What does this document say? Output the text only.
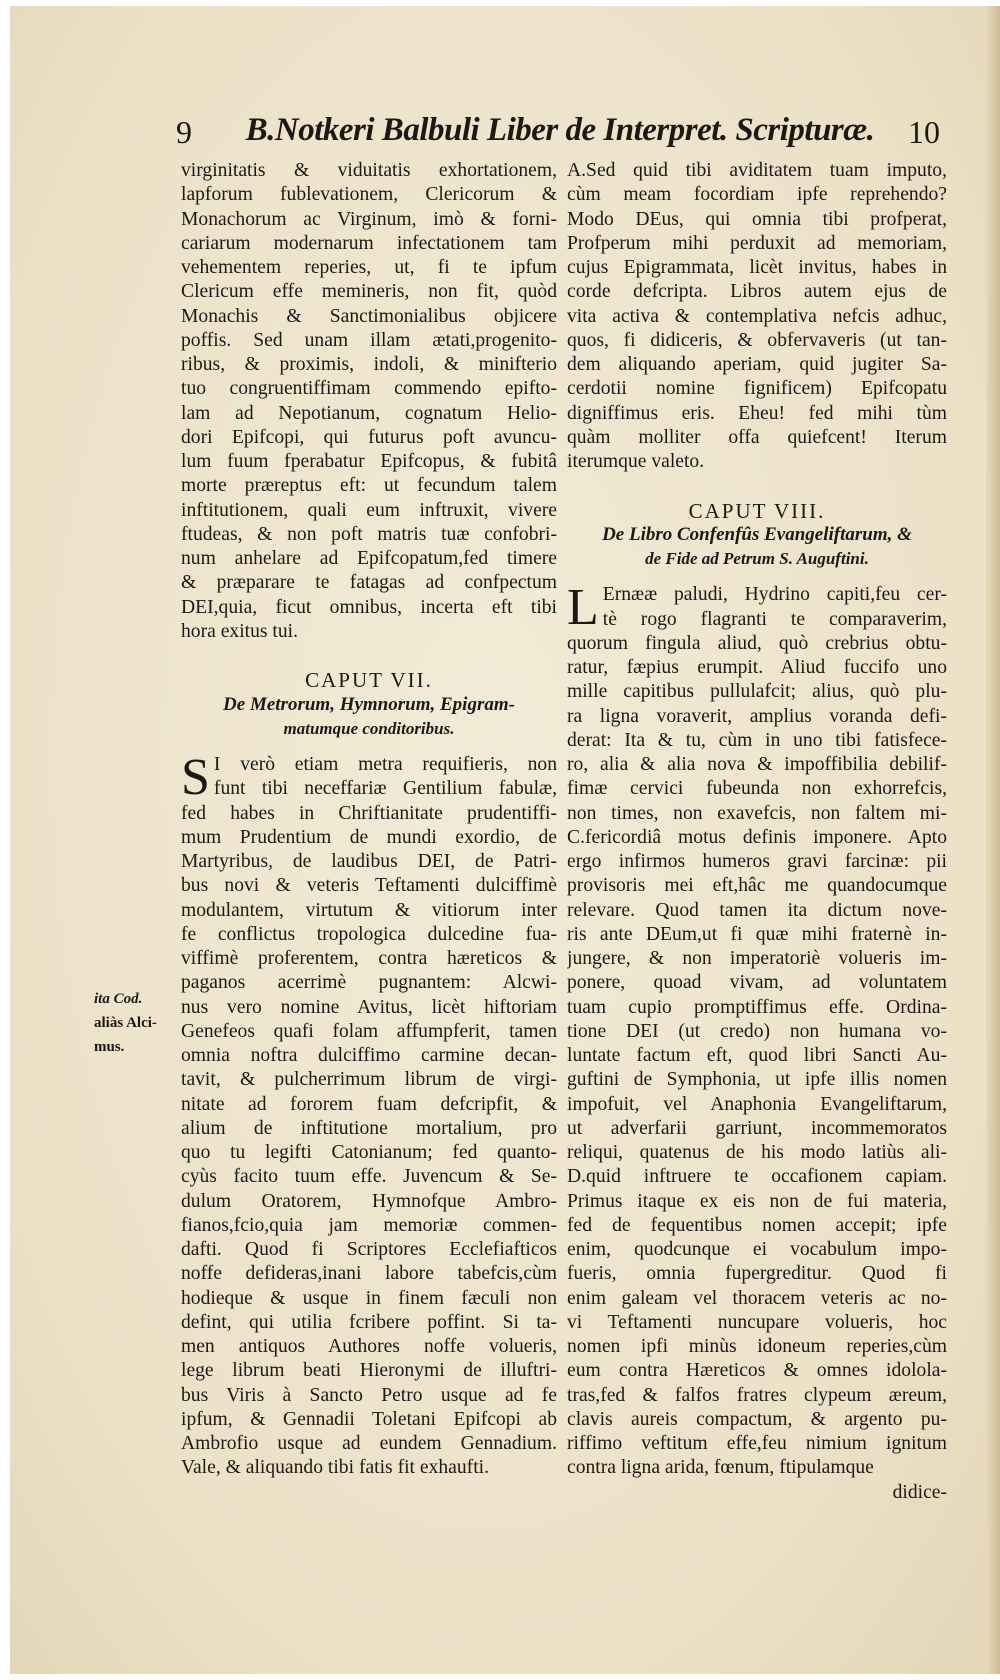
9 B.Notkeri Balbuli Liber de Interpret. Scripturæ.	10
virginitatis & viduitatis exhortationem,
lapforum fublevationem, Clericorum &
Monachorum ac Virginum, imò & forni-
cariarum modernarum infectationem tam
vehementem reperies, ut, fi te ipfum
Clericum effe memineris, non fit, quòd
Monachis & Sanctimonialibus objicere
poffis. Sed unam illam ætati,progenito-
ribus, & proximis, indoli, & minifterio
tuo congruentiffimam commendo epifto-
lam ad Nepotianum, cognatum Helio-
dori Epifcopi, qui futurus poft avuncu-
lum fuum fperabatur Epifcopus, & fubitâ
morte præreptus eft: ut fecundum talem
inftitutionem, quali eum inftruxit, vivere
ftudeas, & non poft matris tuæ confobri-
num anhelare ad Epifcopatum,fed timere
& præparare te fatagas ad confpectum
DEI,quia, ficut omnibus, incerta eft tibi
hora exitus tui.
CAPUT VII.
De Metrorum, Hymnorum, Epigram-
matumque conditoribus.
S I verò etiam metra requifieris, non
funt tibi neceffariæ Gentilium fabulæ,
fed habes in Chriftianitate prudentiffi-
mum Prudentium de mundi exordio, de
Martyribus, de laudibus DEI, de Patri-
bus novi & veteris Teftamenti dulciffimè
modulantem, virtutum & vitiorum inter
fe conflictus tropologica dulcedine fua-
viffimè proferentem, contra hæreticos &
paganos acerrimè pugnantem: Alcwi-
nus vero nomine Avitus, licèt hiftoriam
Genefeos quafi folam affumpferit, tamen
omnia noftra dulciffimo carmine decan-
tavit, & pulcherrimum librum de virgi-
nitate ad fororem fuam defcripfit, &
alium de inftitutione mortalium, pro
quo tu legifti Catonianum; fed quanto-
cyùs facito tuum effe. Juvencum & Se-
dulum Oratorem, Hymnofque Ambro-
fianos,fcio,quia jam memoriæ commen-
dafti. Quod fi Scriptores Ecclefiafticos
noffe defideras,inani labore tabefcis,cùm
hodieque & usque in finem fæculi non
defint, qui utilia fcribere poffint. Si ta-
men antiquos Authores noffe volueris,
lege librum beati Hieronymi de illuftri-
bus Viris à Sancto Petro usque ad fe
ipfum, & Gennadii Toletani Epifcopi ab
Ambrofio usque ad eundem Gennadium.
Vale, & aliquando tibi fatis fit exhaufti.
ita Cod.
aliàs Alci-
mus.
A.Sed quid tibi aviditatem tuam imputo,
cùm meam focordiam ipfe reprehendo?
Modo DEus, qui omnia tibi profperat,
Profperum mihi perduxit ad memoriam,
cujus Epigrammata, licèt invitus, habes in
corde defcripta. Libros autem ejus de
vita activa & contemplativa nefcis adhuc,
quos, fi didiceris, & obfervaveris (ut tan-
dem aliquando aperiam, quid jugiter Sa-
cerdotii nomine fignificem) Epifcopatu
digniffimus eris. Eheu! fed mihi tùm
quàm molliter offa quiefcent! Iterum
iterumque valeto.
CAPUT VIII.
De Libro Confenfûs Evangeliftarum, &
de Fide ad Petrum S. Auguftini.
L Ernææ paludi, Hydrino capiti,feu cer-
tè rogo flagranti te comparaverim,
quorum fingula aliud, quò crebrius obtu-
ratur, fæpius erumpit. Aliud fuccifo uno
mille capitibus pullulafcit; alius, quò plu-
ra ligna voraverit, amplius voranda defi-
derat: Ita & tu, cùm in uno tibi fatisfece-
ro, alia & alia nova & impoffibilia debilif-
fimæ cervici fubeunda non exhorrefcis,
non times, non exavefcis, non faltem mi-
C.fericordiâ motus definis imponere. Apto
ergo infirmos humeros gravi farcinæ: pii
provisoris mei eft,hâc me quandocumque
relevare. Quod tamen ita dictum nove-
ris ante DEum,ut fi quæ mihi fraternè in-
jungere, & non imperatoriè volueris im-
ponere, quoad vivam, ad voluntatem
tuam cupio promptiffimus effe. Ordina-
tione DEI (ut credo) non humana vo-
luntate factum eft, quod libri Sancti Au-
guftini de Symphonia, ut ipfe illis nomen
impofuit, vel Anaphonia Evangeliftarum,
ut adverfarii garriunt, incommemoratos
reliqui, quatenus de his modo latiùs ali-
D.quid inftruere te occafionem capiam.
Primus itaque ex eis non de fui materia,
fed de fequentibus nomen accepit; ipfe
enim, quodcunque ei vocabulum impo-
fueris, omnia fupergreditur. Quod fi
enim galeam vel thoracem veteris ac no-
vi Teftamenti nuncupare volueris, hoc
nomen ipfi minùs idoneum reperies,cùm
eum contra Hæreticos & omnes idolola-
tras,fed & falfos fratres clypeum æreum,
clavis aureis compactum, & argento pu-
riffimo veftitum effe,feu nimium ignitum
contra ligna arida, fœnum, ftipulamque
didice-
